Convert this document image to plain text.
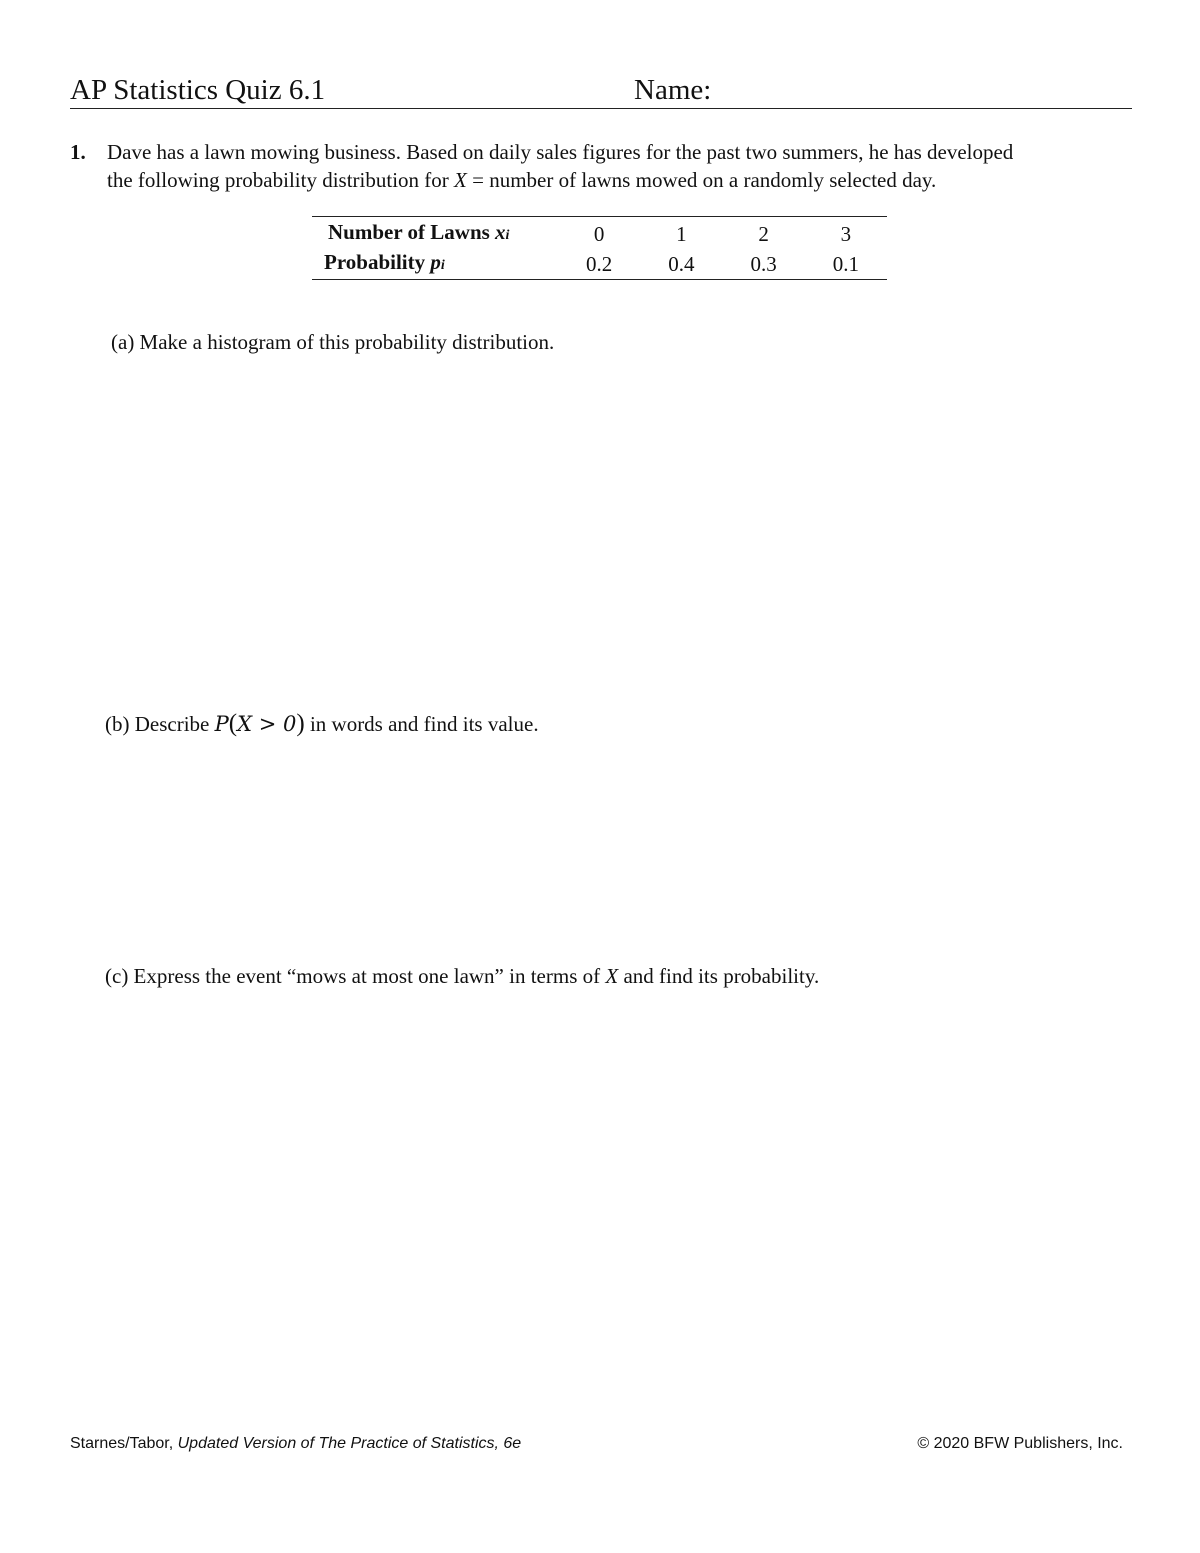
AP Statistics Quiz 6.1	Name:
1. Dave has a lawn mowing business. Based on daily sales figures for the past two summers, he has developed
the following probability distribution for X = number of lawns mowed on a randomly selected day.
Number of Lawns xi	0	1	2	3
Probability pi	0.2	0.4	0.3	0.1
(a) Make a histogram of this probability distribution.
(b) Describe P(X > 0) in words and find its value.
(c) Express the event “mows at most one lawn” in terms of X and find its probability.
Starnes/Tabor, Updated Version of The Practice of Statistics, 6e	© 2020 BFW Publishers, Inc.
